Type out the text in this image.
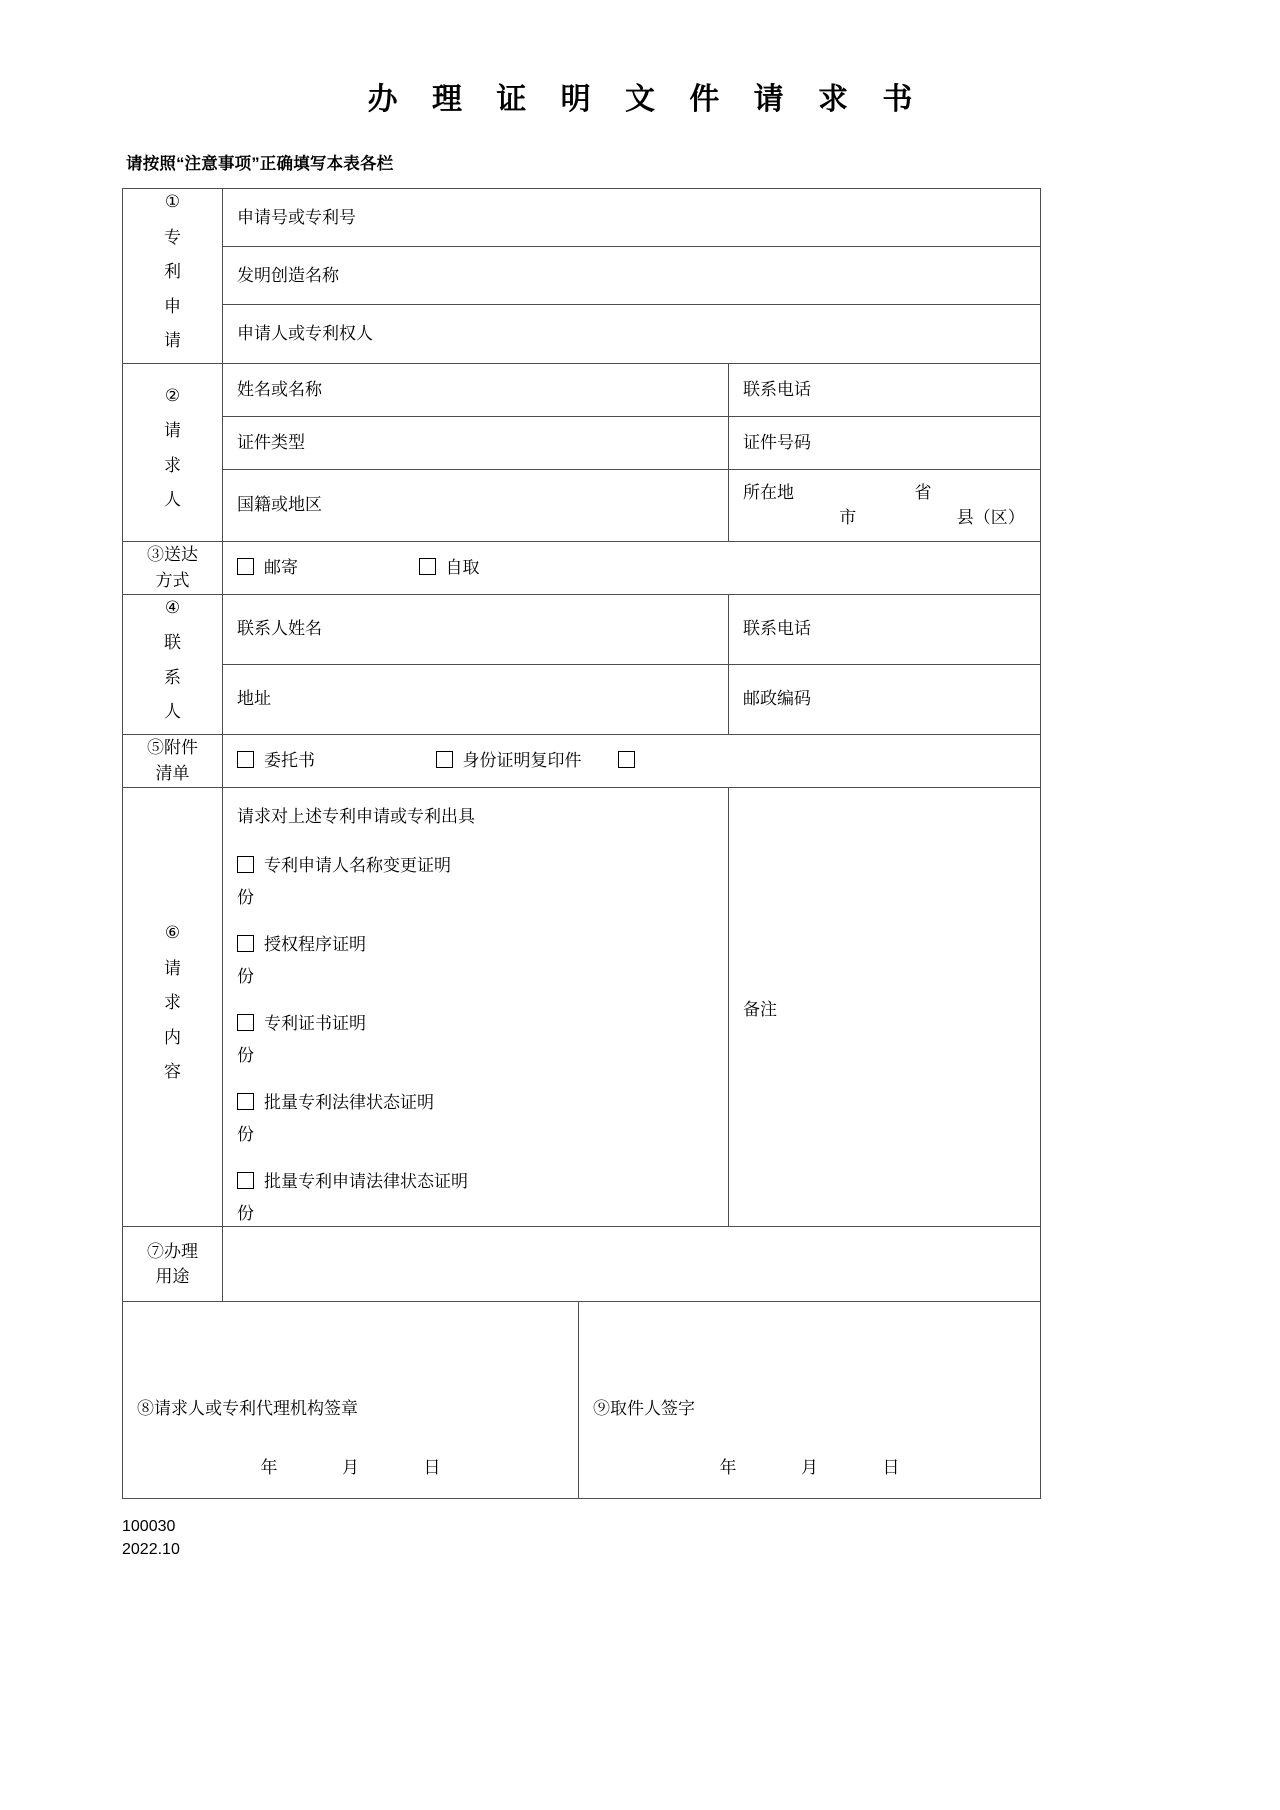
办 理 证 明 文 件 请 求 书
请按照“注意事项”正确填写本表各栏
①
专
利
申
请	申请号或专利号		

	发明创造名称		

	申请人或专利权人		

②
请
求
人	姓名或名称		联系电话

	证件类型		证件号码

	国籍或地区		所在地 省  市 县（区）

③送达
方式	邮寄 自取		

④
联
系
人	联系人姓名		联系电话

	地址		邮政编码

⑤附件
清单	委托书 身份证明复印件		

⑥
请
求
内
容

请求对上述专利申请或专利出具
专利申请人名称变更证明
份
授权程序证明
份
专利证书证明
份
批量专利法律状态证明
份
批量专利申请法律状态证明
份

备注

⑦办理
用途			

⑧请求人或专利代理机构签章
年	月	日

⑨取件人签字
年	月	日
100030
2022.10
